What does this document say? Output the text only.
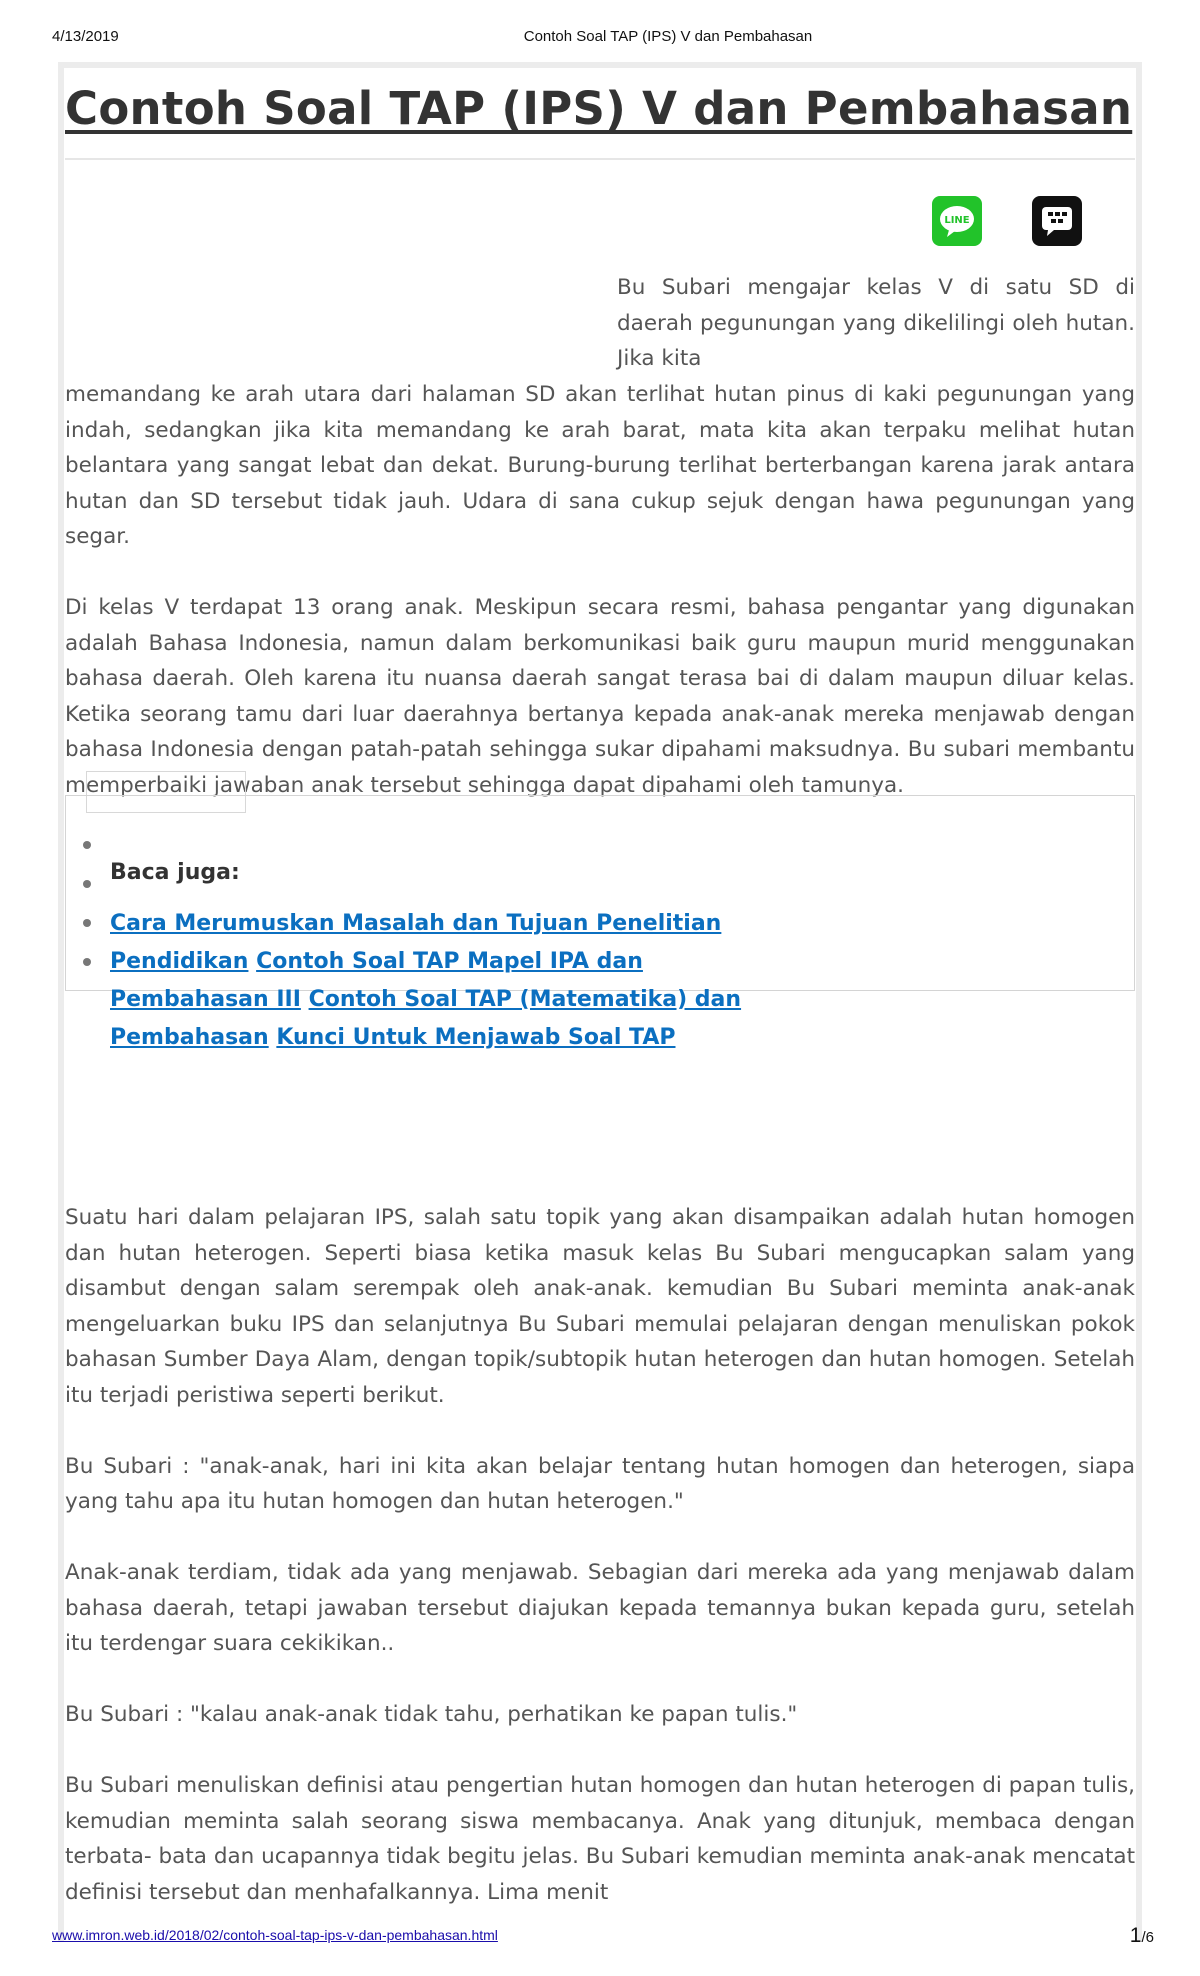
4/13/2019	Contoh Soal TAP (IPS) V dan Pembahasan
Contoh Soal TAP (IPS) V dan Pembahasan
LINE

Bu Subari mengajar kelas V di satu SD di daerah pegunungan yang dikelilingi oleh hutan. Jika kita

memandang ke arah utara dari halaman SD akan terlihat hutan pinus di kaki pegunungan yang indah, sedangkan jika kita memandang ke arah barat, mata kita akan terpaku melihat hutan belantara yang sangat lebat dan dekat. Burung-burung terlihat berterbangan karena jarak antara hutan dan SD tersebut tidak jauh. Udara di sana cukup sejuk dengan hawa pegunungan yang segar.

Di kelas V terdapat 13 orang anak. Meskipun secara resmi, bahasa pengantar yang digunakan adalah Bahasa Indonesia, namun dalam berkomunikasi baik guru maupun murid menggunakan bahasa daerah. Oleh karena itu nuansa daerah sangat terasa bai di dalam maupun diluar kelas. Ketika seorang tamu dari luar daerahnya bertanya kepada anak-anak mereka menjawab dengan bahasa Indonesia dengan patah-patah sehingga sukar dipahami maksudnya. Bu subari membantu memperbaiki jawaban anak tersebut sehingga dapat dipahami oleh tamunya.

Baca juga:
Cara Merumuskan Masalah dan Tujuan Penelitian Pendidikan Contoh Soal TAP Mapel IPA dan Pembahasan III Contoh Soal TAP (Matematika) dan Pembahasan Kunci Untuk Menjawab Soal TAP

Suatu hari dalam pelajaran IPS, salah satu topik yang akan disampaikan adalah hutan homogen dan hutan heterogen. Seperti biasa ketika masuk kelas Bu Subari mengucapkan salam yang disambut dengan salam serempak oleh anak-anak. kemudian Bu Subari meminta anak-anak mengeluarkan buku IPS dan selanjutnya Bu Subari memulai pelajaran dengan menuliskan pokok bahasan Sumber Daya Alam, dengan topik/subtopik hutan heterogen dan hutan homogen. Setelah itu terjadi peristiwa seperti berikut.

Bu Subari : "anak-anak, hari ini kita akan belajar tentang hutan homogen dan heterogen, siapa yang tahu apa itu hutan homogen dan hutan heterogen."

Anak-anak terdiam, tidak ada yang menjawab. Sebagian dari mereka ada yang menjawab dalam bahasa daerah, tetapi jawaban tersebut diajukan kepada temannya bukan kepada guru, setelah itu terdengar suara cekikikan..

Bu Subari : "kalau anak-anak tidak tahu, perhatikan ke papan tulis."

Bu Subari menuliskan definisi atau pengertian hutan homogen dan hutan heterogen di papan tulis, kemudian meminta salah seorang siswa membacanya. Anak yang ditunjuk, membaca dengan terbata- bata dan ucapannya tidak begitu jelas. Bu Subari kemudian meminta anak-anak mencatat definisi tersebut dan menhafalkannya. Lima menit

www.imron.web.id/2018/02/contoh-soal-tap-ips-v-dan-pembahasan.html	1/6
